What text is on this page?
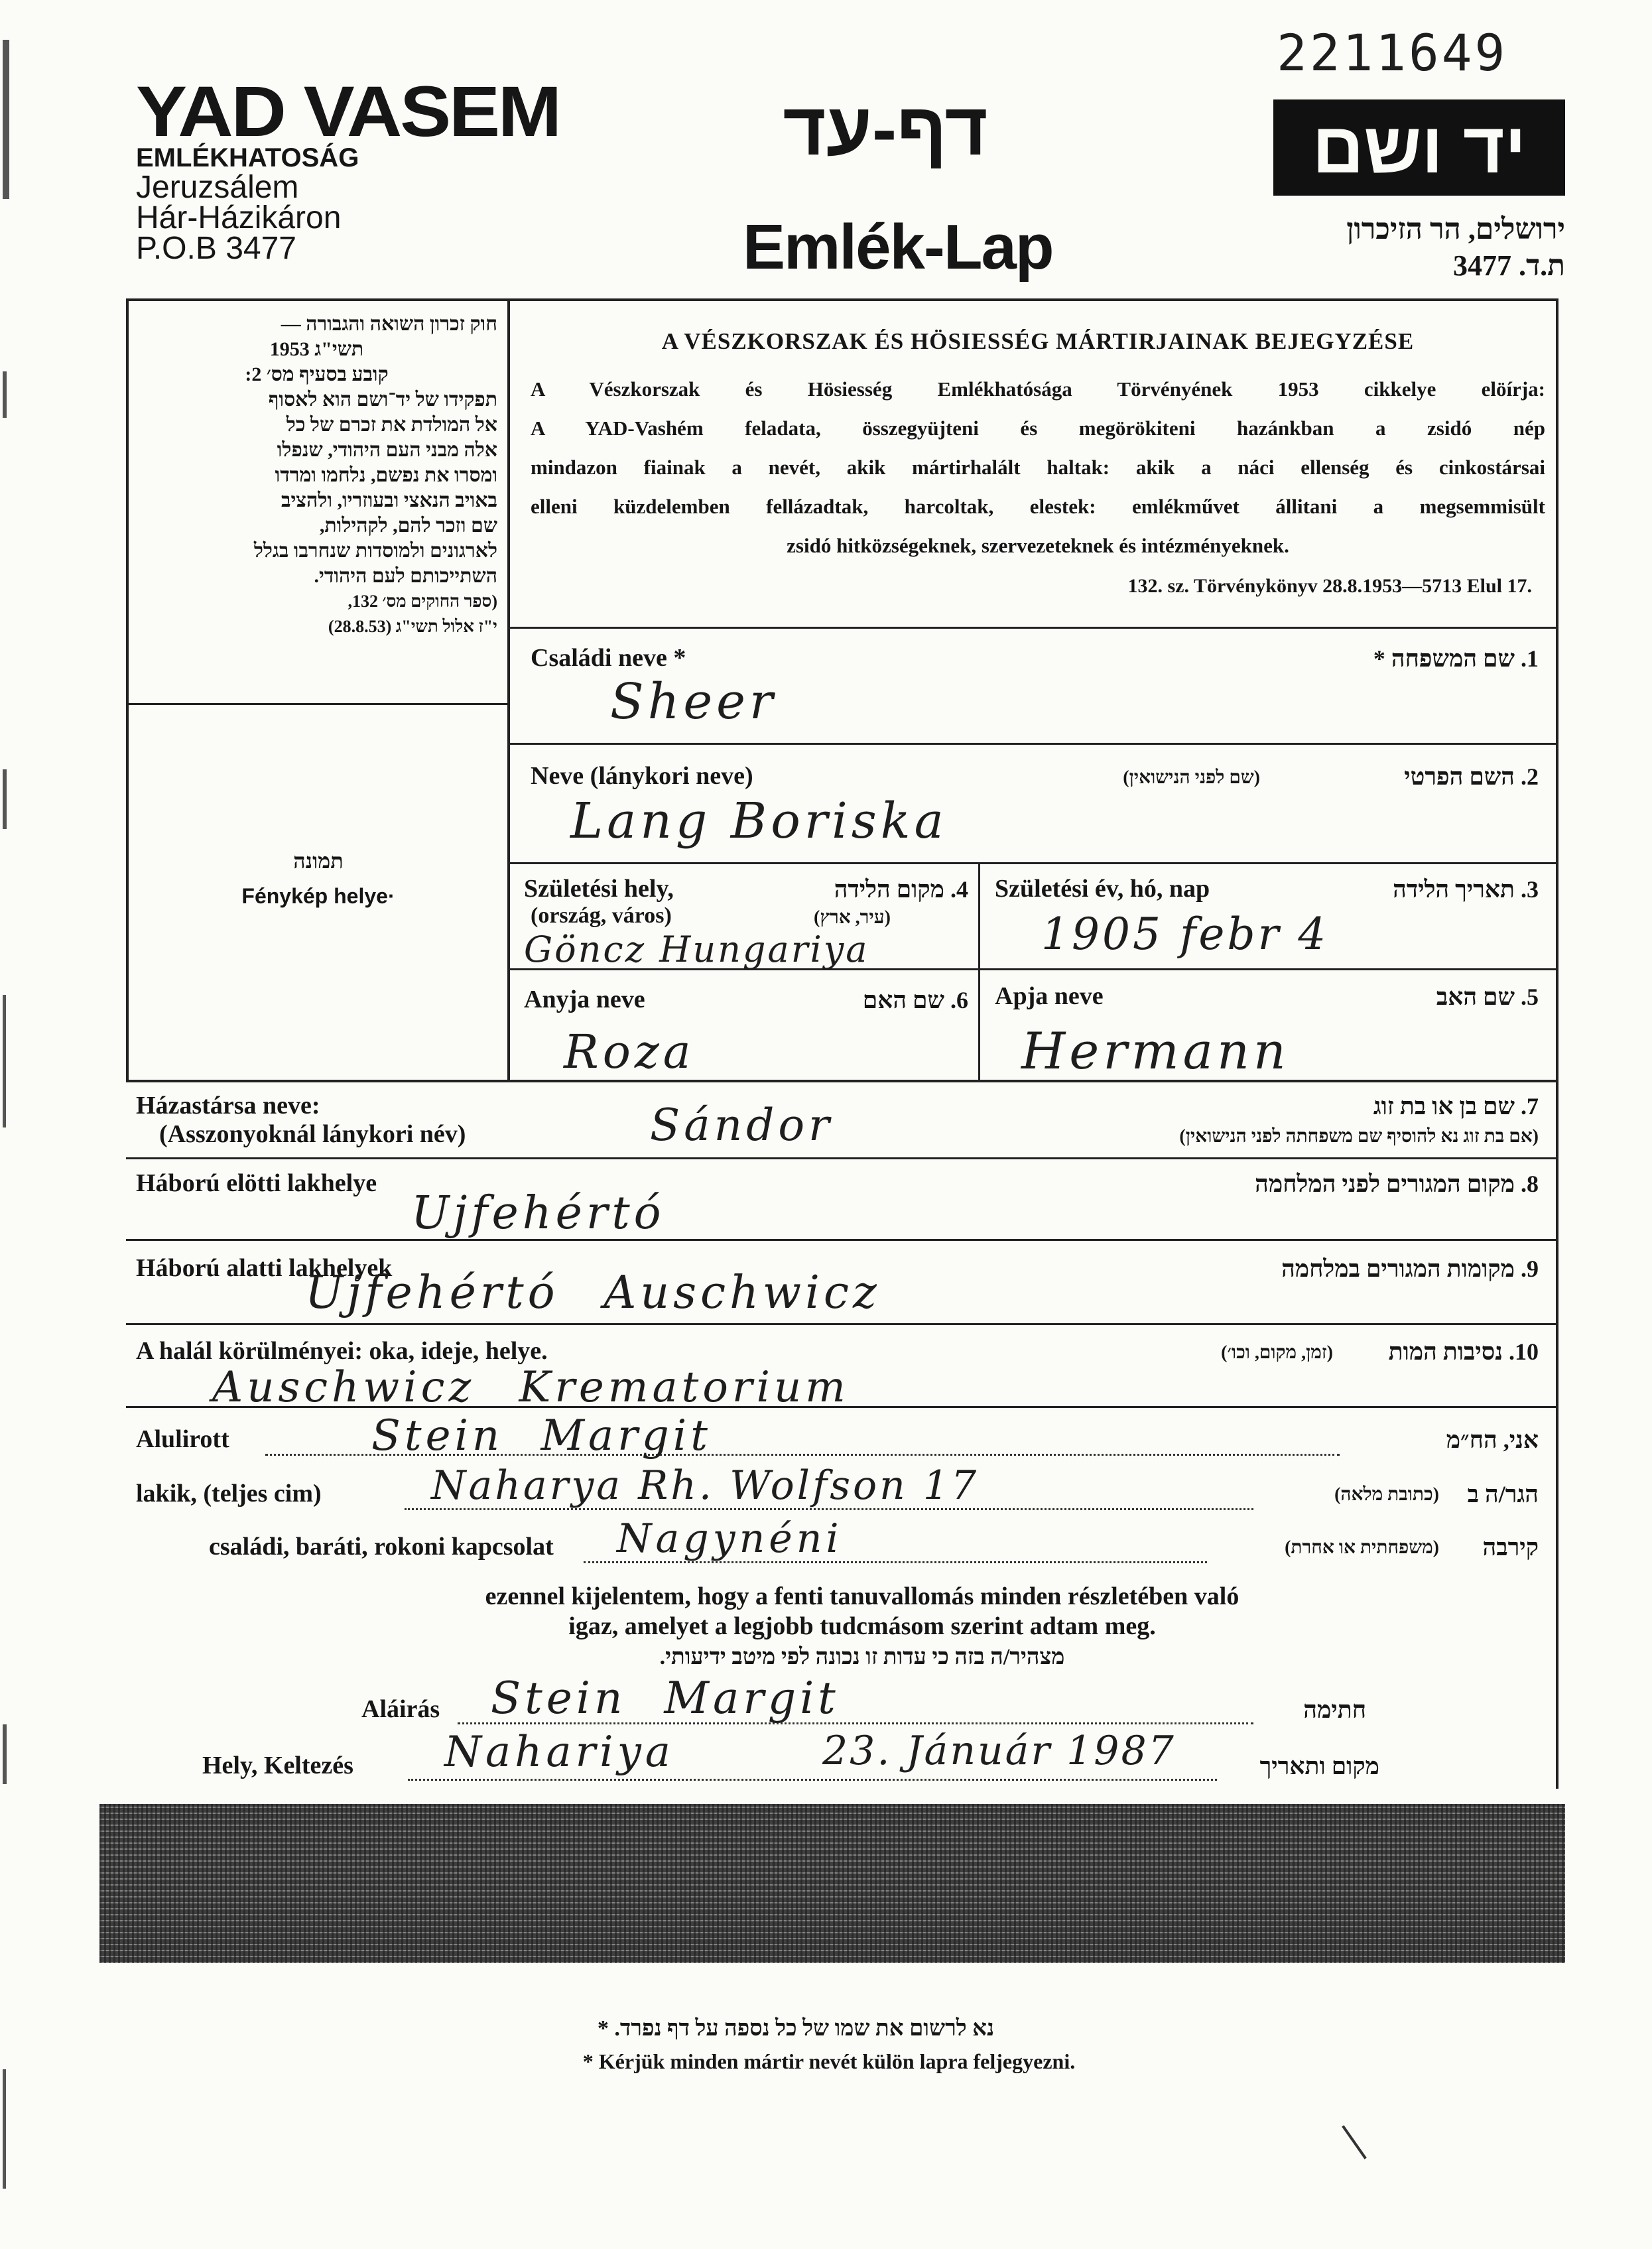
2211649
YAD VASEM
EMLÉKHATOSÁG
Jeruzsálem
Hár-Házikáron
P.O.B 3477
דף-עד
Emlék-Lap
יד ושם
ירושלים, הר הזיכרון
ת.ד. 3477
חוק זכרון השואה והגבורה —
תשי"ג 1953
קובע בסעיף מס׳ 2:
תפקידו של יד־ושם הוא לאסוף
אל המולדת את זכרם של כל
אלה מבני העם היהודי, שנפלו
ומסרו את נפשם, נלחמו ומרדו
באויב הנאצי ובעוזריו, ולהציב
שם וזכר להם, לקהילות,
לארגונים ולמוסדות שנחרבו בגלל
השתייכותם לעם היהודי.
(ספר החוקים מס׳ 132,
י"ז אלול תשי"ג (28.8.53)
תמונה
Fénykép helye·
A VÉSZKORSZAK ÉS HÖSIESSÉG MÁRTIRJAINAK BEJEGYZÉSE
A Vészkorszak és Hösiesség Emlékhatósága Törvényének 1953 cikkelye elöírja:
A YAD-Vashém feladata, összegyüjteni és megörökiteni hazánkban a zsidó nép
mindazon fiainak a nevét, akik mártirhalált haltak: akik a náci ellenség és cinkostársai
elleni küzdelemben fellázadtak, harcoltak, elestek: emlékművet állitani a megsemmisült
zsidó hitközségeknek, szervezeteknek és intézményeknek.
132. sz. Törvénykönyv 28.8.1953—5713 Elul 17.
Családi neve *	1. שם המשפחה *
Sheer
Neve (lánykori neve)	2. השם הפרטי
(שם לפני הנישואין)
Lang Boriska
Születési hely,
(ország, város)
4. מקום הלידה
(עיר, ארץ)
Göncz Hungariya
Születési év, hó, nap	3. תאריך הלידה
1905 febr 4
Anyja neve	6. שם האם
Roza
Apja neve	5. שם האב
Hermann
Házastársa neve:
(Asszonyoknál lánykori név)
7. שם בן או בת זוג
(אם בת זוג נא להוסיף שם משפחתה לפני הנישואין)
Sándor
Háború elötti lakhelye	8. מקום המגורים לפני המלחמה
Ujfehértó
Háború alatti lakhelyek	9. מקומות המגורים במלחמה
Ujfehértó Auschwicz
A halál körülményei: oka, ideje, helye.	10. נסיבות המות
(זמן, מקום, וכו׳)
Auschwicz Krematorium
Alulirott	Stein Margit	אני, הח״מ
lakik, (teljes cim)	Naharya Rh. Wolfson 17	הגר/ה ב
(כתובת מלאה)
családi, baráti, rokoni kapcsolat Nagynéni	קירבה
(משפחתית או אחרת)
ezennel kijelentem, hogy a fenti tanuvallomás minden részletében való
igaz, amelyet a legjobb tudcmásom szerint adtam meg.
מצהיר/ה בזה כי עדות זו נכונה לפי מיטב ידיעותי.
Aláirás Stein Margit	חתימה
Hely, Keltezés Nahariya	23. Jánuár 1987	מקום ותאריך
נא לרשום את שמו של כל נספה על דף נפרד. *
* Kérjük minden mártir nevét külön lapra feljegyezni.
